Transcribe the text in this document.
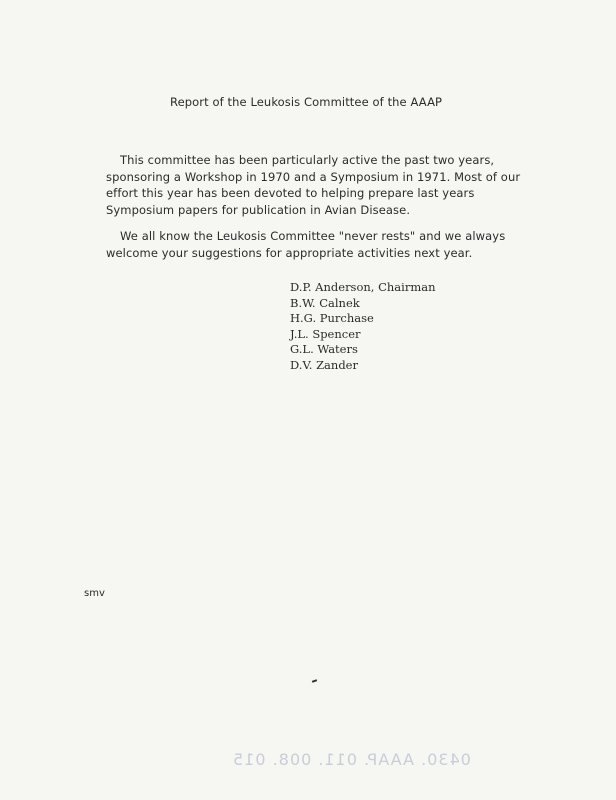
Report of the Leukosis Committee of the AAAP

This committee has been particularly active the past two years, sponsoring a Workshop in 1970 and a Symposium in 1971. Most of our effort this year has been devoted to helping prepare last years Symposium papers for publication in Avian Disease.

We all know the Leukosis Committee "never rests" and we always welcome your suggestions for appropriate activities next year.

D.P. Anderson, Chairman
B.W. Calnek
H.G. Purchase
J.L. Spencer
G.L. Waters
D.V. Zander
smv
0430. AAAP. 011. 008. 015
